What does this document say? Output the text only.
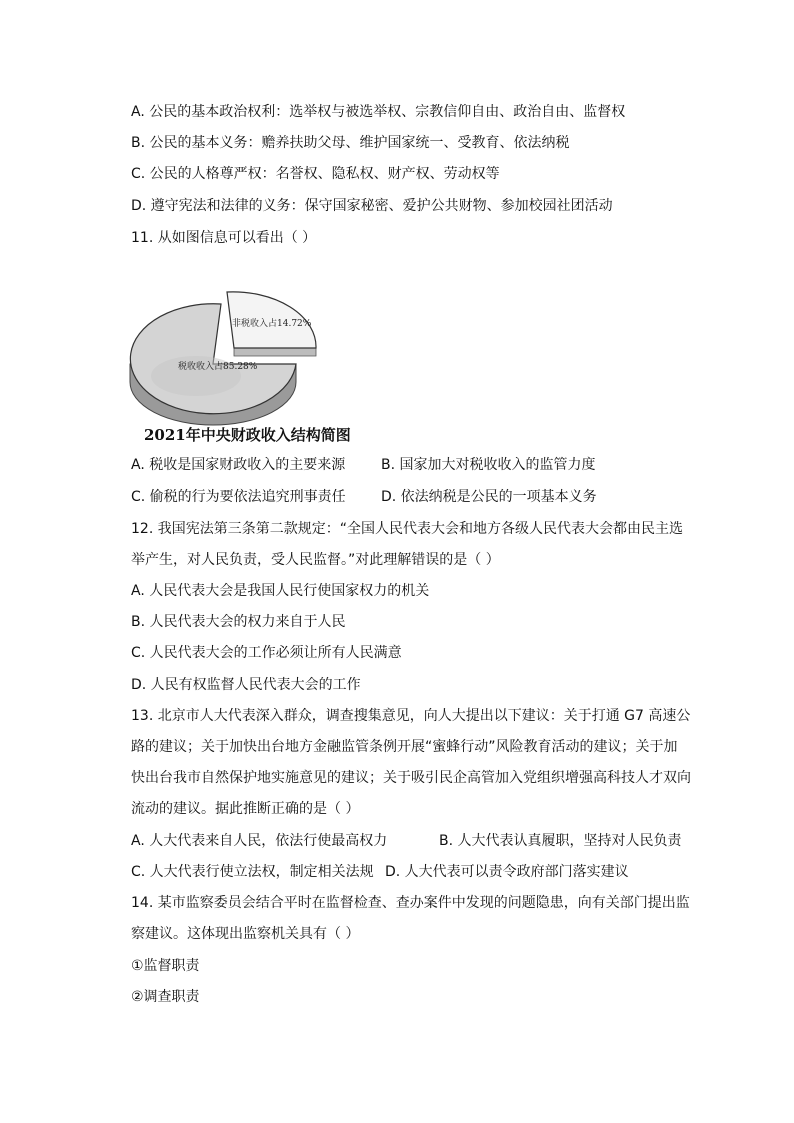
A. 公民的基本政治权利：选举权与被选举权、宗教信仰自由、政治自由、监督权
B. 公民的基本义务：赡养扶助父母、维护国家统一、受教育、依法纳税
C. 公民的人格尊严权：名誉权、隐私权、财产权、劳动权等
D. 遵守宪法和法律的义务：保守国家秘密、爱护公共财物、参加校园社团活动
11. 从如图信息可以看出（ ）
非税收入占14.72%
税收收入占85.28%
2021年中央财政收入结构简图
A. 税收是国家财政收入的主要来源	B. 国家加大对税收收入的监管力度
C. 偷税的行为要依法追究刑事责任	D. 依法纳税是公民的一项基本义务
12. 我国宪法第三条第二款规定：“全国人民代表大会和地方各级人民代表大会都由民主选
举产生，对人民负责，受人民监督。”对此理解错误的是（ ）
A. 人民代表大会是我国人民行使国家权力的机关
B. 人民代表大会的权力来自于人民
C. 人民代表大会的工作必须让所有人民满意
D. 人民有权监督人民代表大会的工作
13. 北京市人大代表深入群众，调查搜集意见，向人大提出以下建议：关于打通 G7 高速公
路的建议；关于加快出台地方金融监管条例开展“蜜蜂行动”风险教育活动的建议；关于加
快出台我市自然保护地实施意见的建议；关于吸引民企高管加入党组织增强高科技人才双向
流动的建议。据此推断正确的是（ ）
A. 人大代表来自人民，依法行使最高权力	B. 人大代表认真履职，坚持对人民负责
C. 人大代表行使立法权，制定相关法规 D. 人大代表可以责令政府部门落实建议
14. 某市监察委员会结合平时在监督检查、查办案件中发现的问题隐患，向有关部门提出监
察建议。这体现出监察机关具有（ ）
①监督职责
②调查职责
